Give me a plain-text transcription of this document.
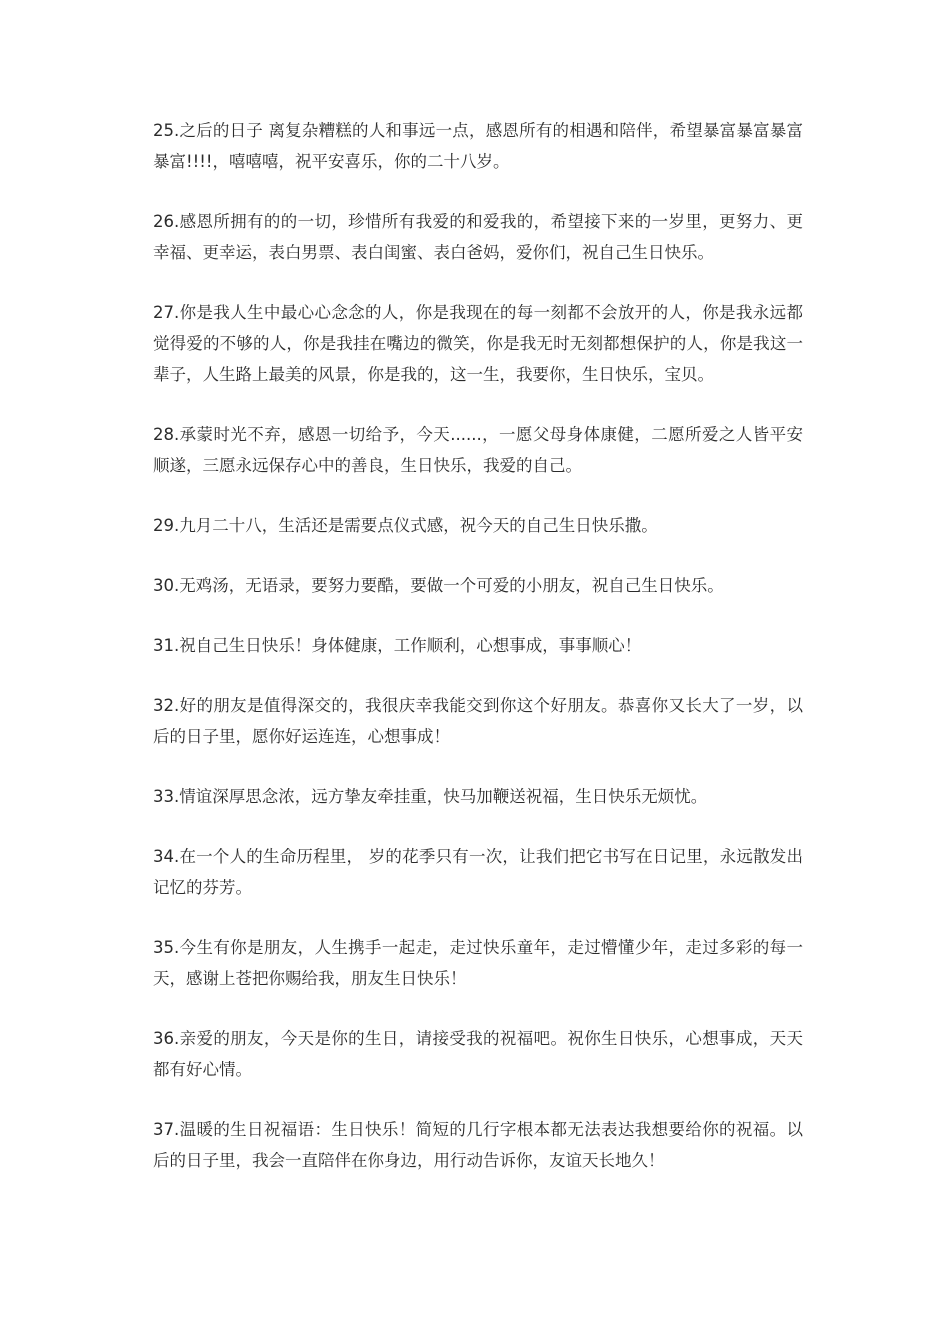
25.之后的日子 离复杂糟糕的人和事远一点，感恩所有的相遇和陪伴，希望暴富暴富暴富暴富!!!!，嘻嘻嘻，祝平安喜乐，你的二十八岁。

26.感恩所拥有的的一切，珍惜所有我爱的和爱我的，希望接下来的一岁里，更努力、更幸福、更幸运，表白男票、表白闺蜜、表白爸妈，爱你们，祝自己生日快乐。

27.你是我人生中最心心念念的人，你是我现在的每一刻都不会放开的人，你是我永远都觉得爱的不够的人，你是我挂在嘴边的微笑，你是我无时无刻都想保护的人，你是我这一辈子，人生路上最美的风景，你是我的，这一生，我要你，生日快乐，宝贝。

28.承蒙时光不弃，感恩一切给予，今天......，一愿父母身体康健，二愿所爱之人皆平安顺遂，三愿永远保存心中的善良，生日快乐，我爱的自己。

29.九月二十八，生活还是需要点仪式感，祝今天的自己生日快乐撒。

30.无鸡汤，无语录，要努力要酷，要做一个可爱的小朋友，祝自己生日快乐。

31.祝自己生日快乐！身体健康，工作顺利，心想事成，事事顺心！

32.好的朋友是值得深交的，我很庆幸我能交到你这个好朋友。恭喜你又长大了一岁，以后的日子里，愿你好运连连，心想事成！

33.情谊深厚思念浓，远方挚友牵挂重，快马加鞭送祝福，生日快乐无烦忧。

34.在一个人的生命历程里， 岁的花季只有一次，让我们把它书写在日记里，永远散发出记忆的芬芳。

35.今生有你是朋友，人生携手一起走，走过快乐童年，走过懵懂少年，走过多彩的每一天，感谢上苍把你赐给我，朋友生日快乐！

36.亲爱的朋友，今天是你的生日，请接受我的祝福吧。祝你生日快乐，心想事成，天天都有好心情。

37.温暖的生日祝福语：生日快乐！简短的几行字根本都无法表达我想要给你的祝福。以后的日子里，我会一直陪伴在你身边，用行动告诉你，友谊天长地久！
